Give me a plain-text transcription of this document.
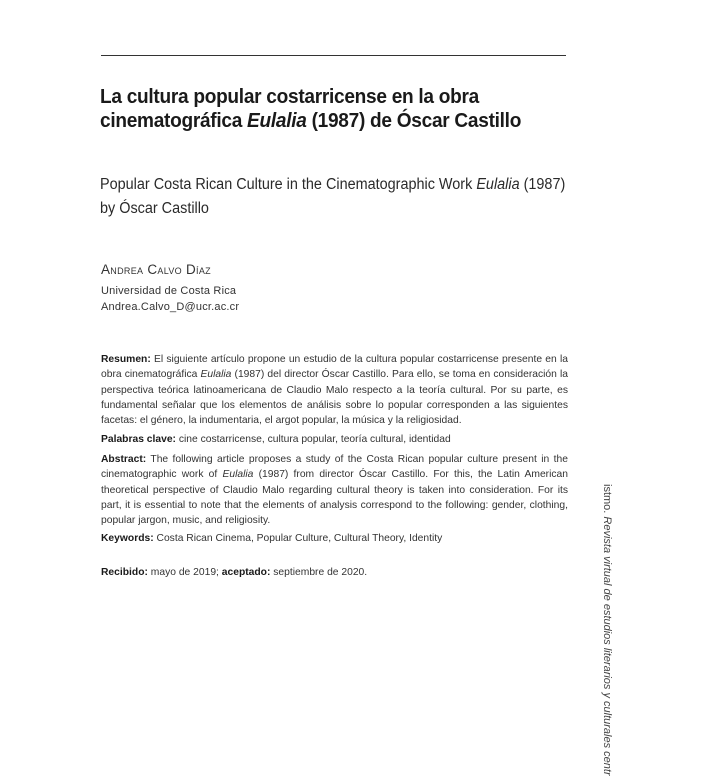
La cultura popular costarricense en la obra
cinematográfica Eulalia (1987) de Óscar Castillo
Popular Costa Rican Culture in the Cinematographic Work Eulalia (1987)
by Óscar Castillo
Andrea Calvo Díaz
Universidad de Costa Rica
Andrea.Calvo_D@ucr.ac.cr
Resumen: El siguiente artículo propone un estudio de la cultura popular costarricense presente en la obra cinematográfica Eulalia (1987) del director Óscar Castillo. Para ello, se toma en consideración la perspectiva teórica latinoamericana de Claudio Malo respecto a la teoría cultural. Por su parte, es fundamental señalar que los elementos de análisis sobre lo popular corresponden a las siguientes facetas: el género, la indumentaria, el argot popular, la música y la religiosidad.
Palabras clave: cine costarricense, cultura popular, teoría cultural, identidad
Abstract: The following article proposes a study of the Costa Rican popular culture present in the cinematographic work of Eulalia (1987) from director Óscar Castillo. For this, the Latin American theoretical perspective of Claudio Malo regarding cultural theory is taken into consideration. For its part, it is essential to note that the elements of analysis correspond to the following: gender, clothing, popular jargon, music, and religiosity.
Keywords: Costa Rican Cinema, Popular Culture, Cultural Theory, Identity
Recibido: mayo de 2019; aceptado: septiembre de 2020.
istmo. Revista virtual de estudios literarios y culturales centr
